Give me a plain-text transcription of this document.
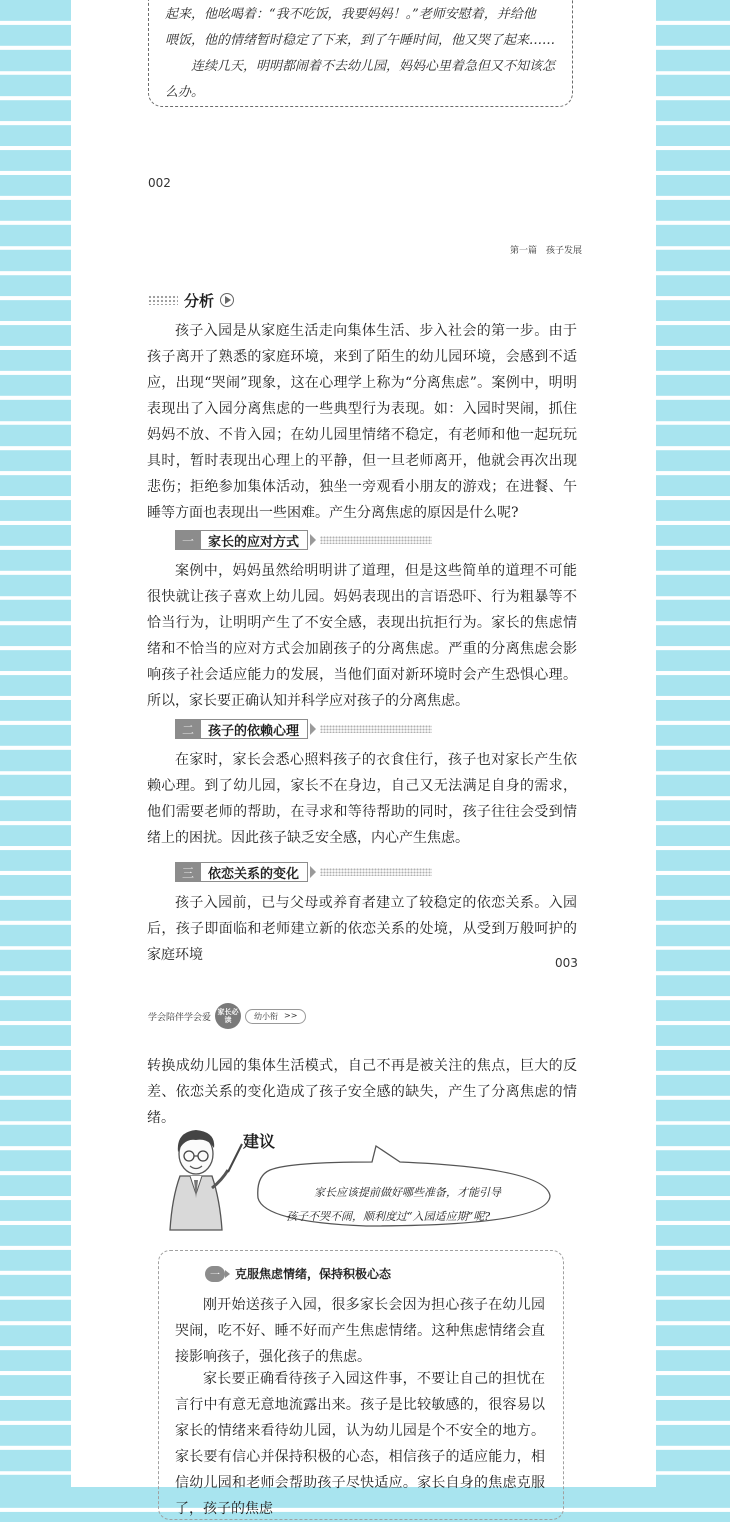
起来，他吆喝着：“我不吃饭，我要妈妈！。”老师安慰着，并给他

喂饭，他的情绪暂时稳定了下来，到了午睡时间，他又哭了起来……

连续几天，明明都闹着不去幼儿园，妈妈心里着急但又不知该怎

么办。

002
第一篇　孩子发展
分析

孩子入园是从家庭生活走向集体生活、步入社会的第一步。由于孩子离开了熟悉的家庭环境，来到了陌生的幼儿园环境，会感到不适应，出现“哭闹”现象，这在心理学上称为“分离焦虑”。案例中，明明表现出了入园分离焦虑的一些典型行为表现。如：入园时哭闹，抓住妈妈不放、不肯入园；在幼儿园里情绪不稳定，有老师和他一起玩玩具时，暂时表现出心理上的平静，但一旦老师离开，他就会再次出现悲伤；拒绝参加集体活动，独坐一旁观看小朋友的游戏；在进餐、午睡等方面也表现出一些困难。产生分离焦虑的原因是什么呢?

一	家长的应对方式

案例中，妈妈虽然给明明讲了道理，但是这些简单的道理不可能很快就让孩子喜欢上幼儿园。妈妈表现出的言语恐吓、行为粗暴等不恰当行为，让明明产生了不安全感，表现出抗拒行为。家长的焦虑情绪和不恰当的应对方式会加剧孩子的分离焦虑。严重的分离焦虑会影响孩子社会适应能力的发展，当他们面对新环境时会产生恐惧心理。所以，家长要正确认知并科学应对孩子的分离焦虑。

二	孩子的依赖心理

在家时，家长会悉心照料孩子的衣食住行，孩子也对家长产生依赖心理。到了幼儿园，家长不在身边，自己又无法满足自身的需求，他们需要老师的帮助，在寻求和等待帮助的同时，孩子往往会受到情绪上的困扰。因此孩子缺乏安全感，内心产生焦虑。

三	依恋关系的变化

孩子入园前，已与父母或养育者建立了较稳定的依恋关系。入园后，孩子即面临和老师建立新的依恋关系的处境，从受到万般呵护的家庭环境	003
学会陪伴学会爱
家长必读	幼小衔 >>

转换成幼儿园的集体生活模式，自己不再是被关注的焦点，巨大的反差、依恋关系的变化造成了孩子安全感的缺失，产生了分离焦虑的情绪。

建议

家长应该提前做好哪些准备，才能引导

孩子不哭不闹，顺利度过“入园适应期”呢?

一	克服焦虑情绪，保持积极心态

刚开始送孩子入园，很多家长会因为担心孩子在幼儿园哭闹，吃不好、睡不好而产生焦虑情绪。这种焦虑情绪会直接影响孩子，强化孩子的焦虑。

家长要正确看待孩子入园这件事，不要让自己的担忧在言行中有意无意地流露出来。孩子是比较敏感的，很容易以家长的情绪来看待幼儿园，认为幼儿园是个不安全的地方。家长要有信心并保持积极的心态，相信孩子的适应能力，相信幼儿园和老师会帮助孩子尽快适应。家长自身的焦虑克服了，孩子的焦虑
